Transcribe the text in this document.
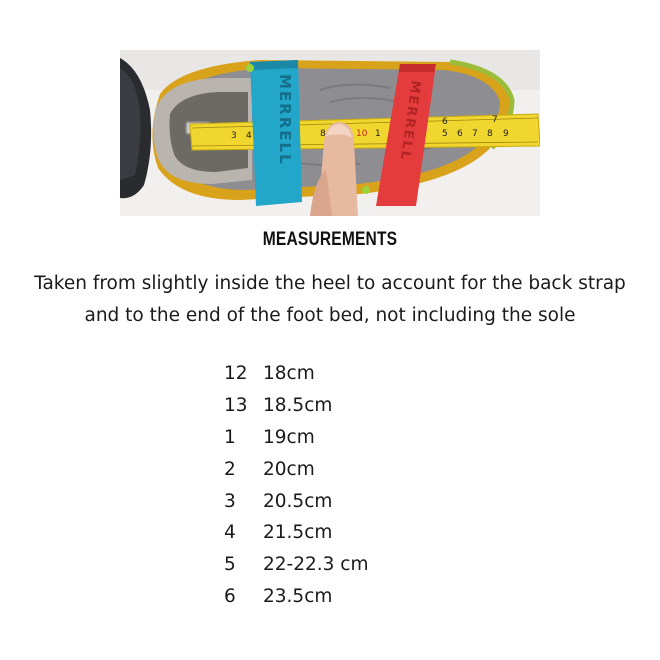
3 4	8	10 1	5 6 7 8 9
6	7
MERRELL	MERRELL
MEASUREMENTS
Taken from slightly inside the heel to account for the back strap
and to the end of the foot bed, not including the sole
12 18cm
13 18.5cm
1	19cm
2	20cm
3	20.5cm
4	21.5cm
5	22-22.3 cm
6	23.5cm
